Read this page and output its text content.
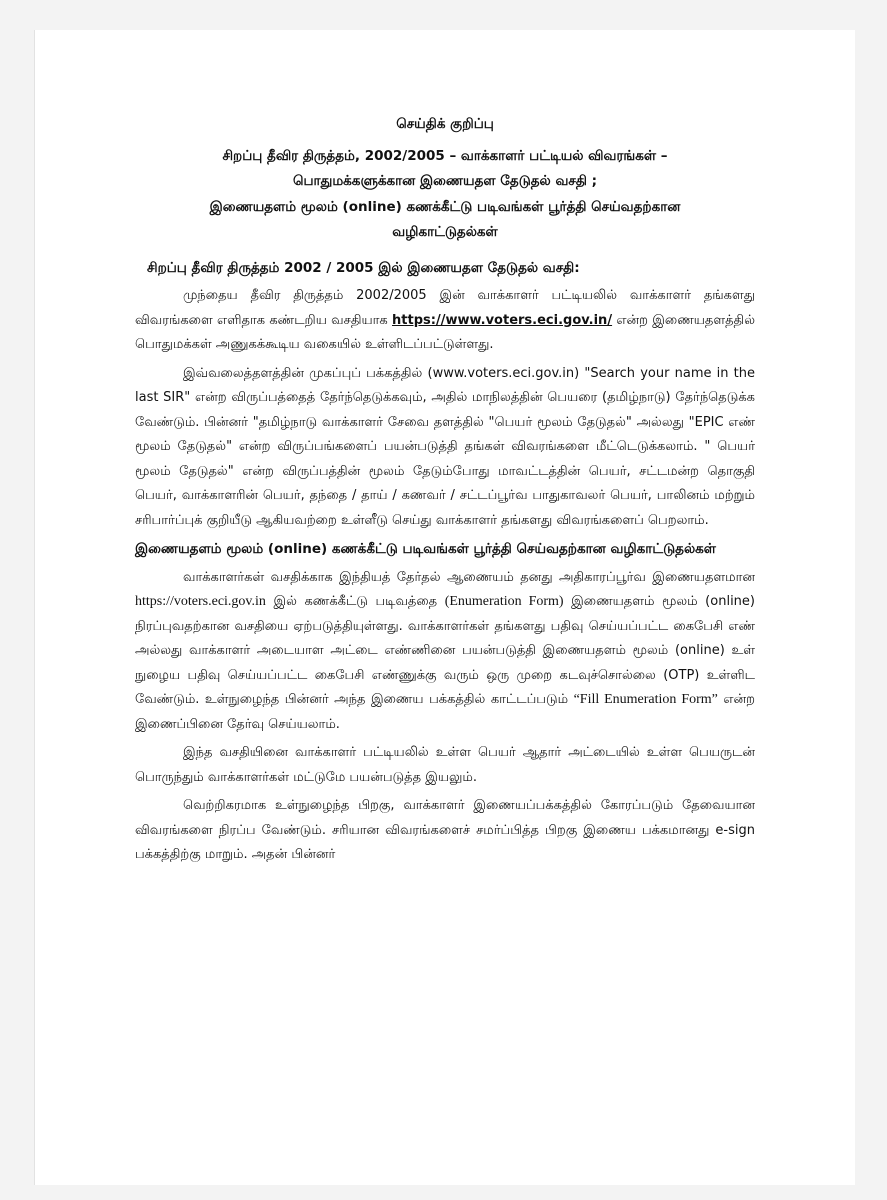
செய்திக் குறிப்பு
சிறப்பு தீவிர திருத்தம், 2002/2005 – வாக்காளர் பட்டியல் விவரங்கள் –
பொதுமக்களுக்கான இணையதள தேடுதல் வசதி ;
இணையதளம் மூலம் (online) கணக்கீட்டு படிவங்கள் பூர்த்தி செய்வதற்கான
வழிகாட்டுதல்கள்
சிறப்பு தீவிர திருத்தம் 2002 / 2005 இல் இணையதள தேடுதல் வசதி:

முந்தைய தீவிர திருத்தம் 2002/2005 இன் வாக்காளர் பட்டியலில் வாக்காளர் தங்களது விவரங்களை எளிதாக கண்டறிய வசதியாக https://www.voters.eci.gov.in/ என்ற இணையதளத்தில் பொதுமக்கள் அணுகக்கூடிய வகையில் உள்ளிடப்பட்டுள்ளது.

இவ்வலைத்தளத்தின் முகப்புப் பக்கத்தில் (www.voters.eci.gov.in) "Search your name in the last SIR" என்ற விருப்பத்தைத் தேர்ந்தெடுக்கவும், அதில் மாநிலத்தின் பெயரை (தமிழ்நாடு) தேர்ந்தெடுக்க வேண்டும். பின்னர் "தமிழ்நாடு வாக்காளர் சேவை தளத்தில் "பெயர் மூலம் தேடுதல்" அல்லது "EPIC எண் மூலம் தேடுதல்" என்ற விருப்பங்களைப் பயன்படுத்தி தங்கள் விவரங்களை மீட்டெடுக்கலாம். " பெயர் மூலம் தேடுதல்" என்ற விருப்பத்தின் மூலம் தேடும்போது மாவட்டத்தின் பெயர், சட்டமன்ற தொகுதி பெயர், வாக்காளரின் பெயர், தந்தை / தாய் / கணவர் / சட்டப்பூர்வ பாதுகாவலர் பெயர், பாலினம் மற்றும் சரிபார்ப்புக் குறியீடு ஆகியவற்றை உள்ளீடு செய்து வாக்காளர் தங்களது விவரங்களைப் பெறலாம்.

இணையதளம் மூலம் (online) கணக்கீட்டு படிவங்கள் பூர்த்தி செய்வதற்கான வழிகாட்டுதல்கள்

வாக்காளர்கள் வசதிக்காக இந்தியத் தேர்தல் ஆணையம் தனது அதிகாரப்பூர்வ இணையதளமான https://voters.eci.gov.in இல் கணக்கீட்டு படிவத்தை (Enumeration Form) இணையதளம் மூலம் (online) நிரப்புவதற்கான வசதியை ஏற்படுத்தியுள்ளது. வாக்காளர்கள் தங்களது பதிவு செய்யப்பட்ட கைபேசி எண் அல்லது வாக்காளர் அடையாள அட்டை எண்ணினை பயன்படுத்தி இணையதளம் மூலம் (online) உள் நுழைய பதிவு செய்யப்பட்ட கைபேசி எண்ணுக்கு வரும் ஒரு முறை கடவுச்சொல்லை (OTP) உள்ளிட வேண்டும். உள்நுழைந்த பின்னர் அந்த இணைய பக்கத்தில் காட்டப்படும் “Fill Enumeration Form” என்ற இணைப்பினை தேர்வு செய்யலாம்.

இந்த வசதியினை வாக்காளர் பட்டியலில் உள்ள பெயர் ஆதார் அட்டையில் உள்ள பெயருடன் பொருந்தும் வாக்காளர்கள் மட்டுமே பயன்படுத்த இயலும்.

வெற்றிகரமாக உள்நுழைந்த பிறகு, வாக்காளர் இணையப்பக்கத்தில் கோரப்படும் தேவையான விவரங்களை நிரப்ப வேண்டும். சரியான விவரங்களைச் சமர்ப்பித்த பிறகு இணைய பக்கமானது e-sign பக்கத்திற்கு மாறும். அதன் பின்னர்
